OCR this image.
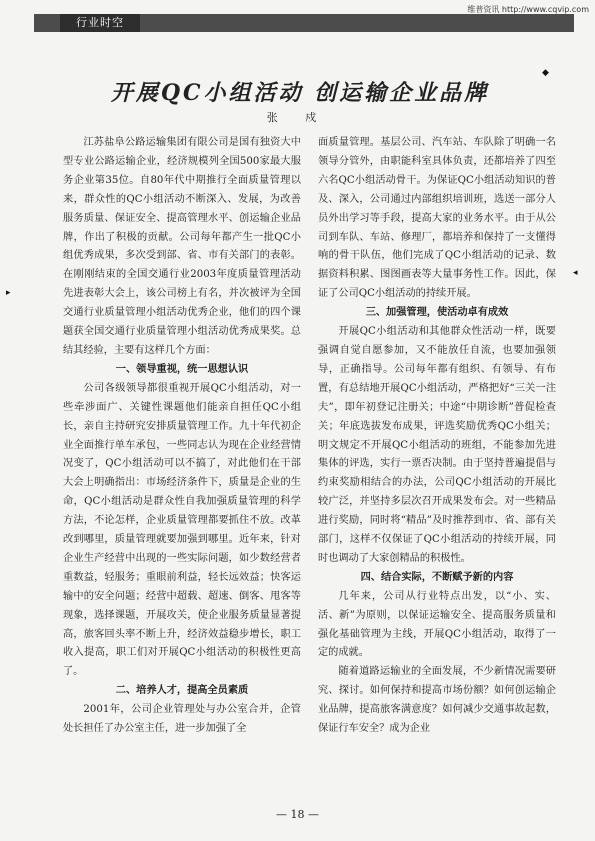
维普资讯 http://www.cqvip.com
行业时空
◆
▸
◂
开展QC小组活动 创运输企业品牌
张 戍

江苏盐阜公路运输集团有限公司是国有独资大中型专业公路运输企业，经济规模列全国500家最大服务企业第35位。自80年代中期推行全面质量管理以来，群众性的QC小组活动不断深入、发展，为改善服务质量、保证安全、提高管理水平、创运输企业品牌，作出了积极的贡献。公司每年都产生一批QC小组优秀成果，多次受到部、省、市有关部门的表彰。在刚刚结束的全国交通行业2003年度质量管理活动先进表彰大会上，该公司榜上有名，并次被评为全国交通行业质量管理小组活动优秀企业，他们的四个课题获全国交通行业质量管理小组活动优秀成果奖。总结其经验，主要有这样几个方面：

一、领导重视，统一思想认识

公司各级领导都很重视开展QC小组活动，对一些牵涉面广、关键性课题他们能亲自担任QC小组长，亲自主持研究安排质量管理工作。九十年代初企业全面推行单车承包，一些同志认为现在企业经营情况变了，QC小组活动可以不搞了，对此他们在干部大会上明确指出：市场经济条件下，质量是企业的生命，QC小组活动是群众性自我加强质量管理的科学方法，不论怎样，企业质量管理都要抓住不放。改革改到哪里，质量管理就要加强到哪里。近年来，针对企业生产经营中出现的一些实际问题，如少数经营者重数益，轻服务；重眼前利益，轻长远效益；快客运输中的安全问题；经营中超载、超速、倒客、甩客等现象，选择课题，开展攻关，使企业服务质量显著提高，旅客回头率不断上升，经济效益稳步增长，职工收入提高，职工们对开展QC小组活动的积极性更高了。

二、培养人才，提高全员素质

2001年，公司企业管理处与办公室合并，企管处长担任了办公室主任，进一步加强了全

面质量管理。基层公司、汽车站、车队除了明确一名领导分管外，由职能科室具体负责，还都培养了四至六名QC小组活动骨干。为保证QC小组活动知识的普及、深入，公司通过内部组织培训班，选送一部分人员外出学习等手段，提高大家的业务水平。由于从公司到车队、车站、修理厂，都培养和保持了一支懂得响的骨干队伍，他们完成了QC小组活动的记录、数据资料积累、图图画表等大量事务性工作。因此，保证了公司QC小组活动的持续开展。

三、加强管理，使活动卓有成效

开展QC小组活动和其他群众性活动一样，既要强调自觉自愿参加，又不能放任自流，也要加强领导，正确指导。公司每年都有组织、有领导、有布置，有总结地开展QC小组活动，严格把好“三关一注夫”，即年初登记注册关；中途“中期诊断”普促检查关；年底选拔发布成果，评选奖励优秀QC小组关；明文规定不开展QC小组活动的班组，不能参加先进集体的评选，实行一票否决制。由于坚持普遍提倡与约束奖励相结合的办法，公司QC小组活动的开展比较广泛，并坚持多层次召开成果发布会。对一些精品进行奖励，同时将“精品”及时推荐到市、省、部有关部门，这样不仅保证了QC小组活动的持续开展，同时也调动了大家创精品的积极性。

四、结合实际，不断赋予新的内容

几年来，公司从行业特点出发，以“小、实、活、新”为原则，以保证运输安全、提高服务质量和强化基础管理为主线，开展QC小组活动，取得了一定的成就。

随着道路运输业的全面发展，不少新情况需要研究、探讨。如何保持和提高市场份额？如何创运输企业品牌，提高旅客满意度？如何减少交通事故起数，保证行车安全？成为企业

— 18 —
